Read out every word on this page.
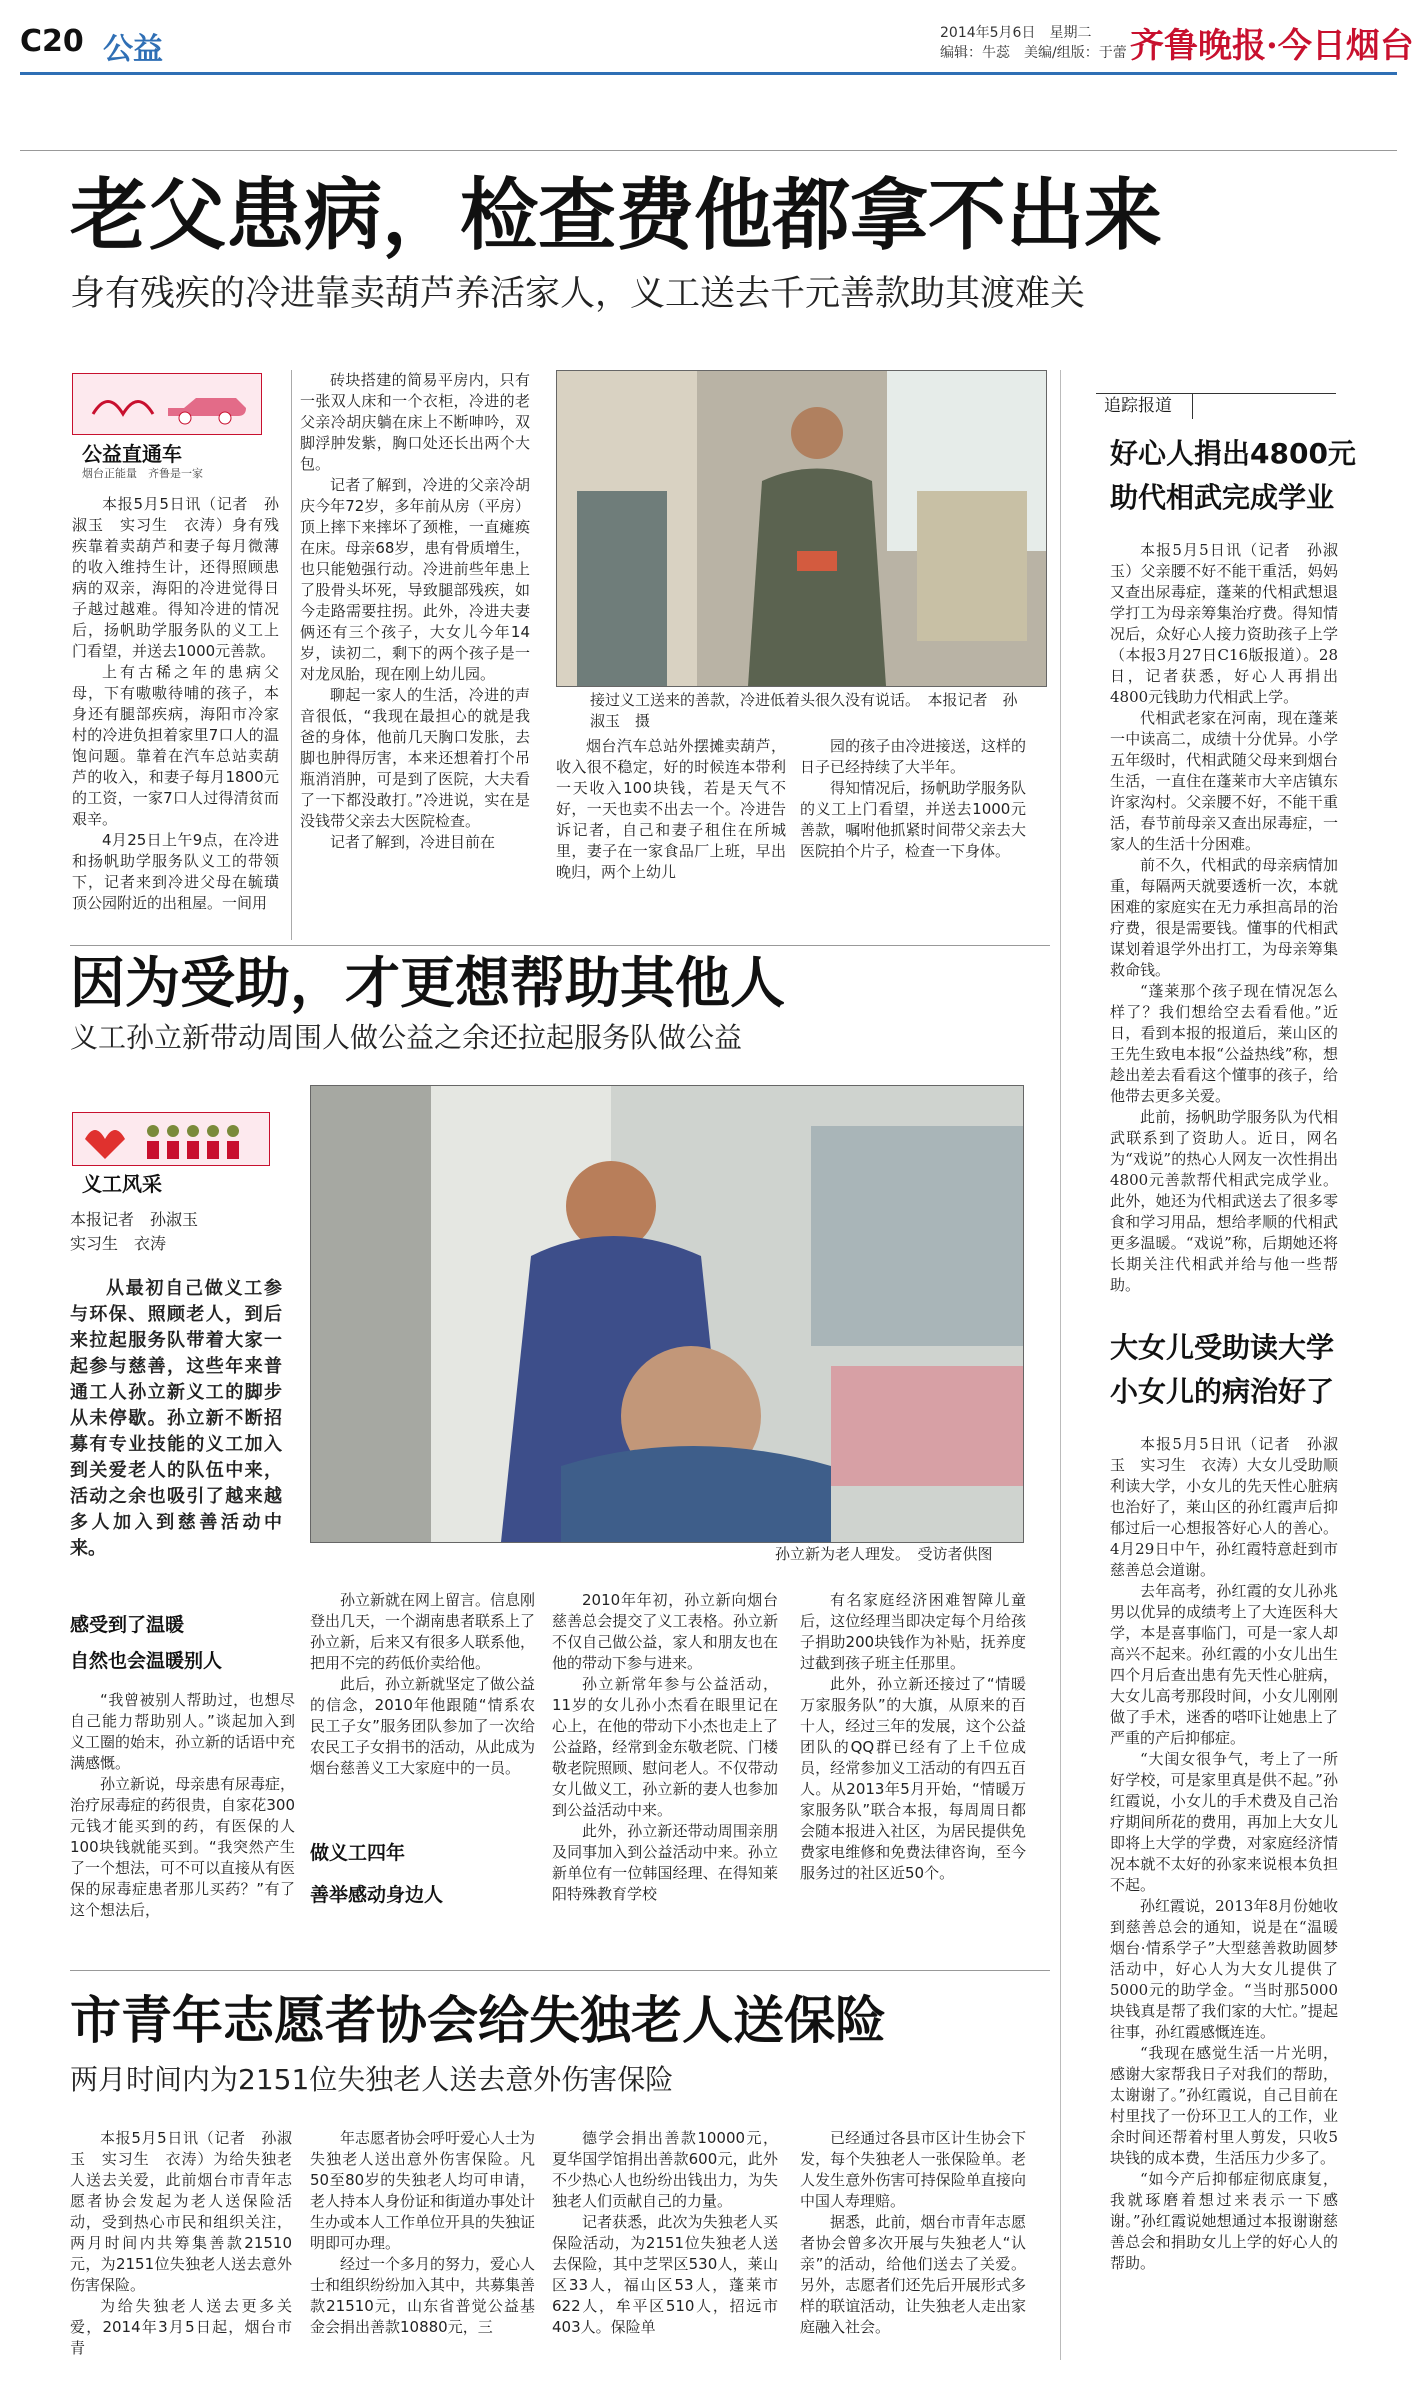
C20 公益	2014年5月6日　星期二
编辑：牛蕊　美编/组版：于蕾 齐鲁晚报·今日烟台
老父患病，检查费他都拿不出来
身有残疾的冷进靠卖葫芦养活家人，义工送去千元善款助其渡难关
公益直通车
烟台正能量　齐鲁是一家

本报5月5日讯（记者　孙淑玉　实习生　衣涛）身有残疾靠着卖葫芦和妻子每月微薄的收入维持生计，还得照顾患病的双亲，海阳的冷进觉得日子越过越难。得知冷进的情况后，扬帆助学服务队的义工上门看望，并送去1000元善款。

上有古稀之年的患病父母，下有嗷嗷待哺的孩子，本身还有腿部疾病，海阳市冷家村的冷进负担着家里7口人的温饱问题。靠着在汽车总站卖葫芦的收入，和妻子每月1800元的工资，一家7口人过得清贫而艰辛。

4月25日上午9点，在冷进和扬帆助学服务队义工的带领下，记者来到冷进父母在毓璜顶公园附近的出租屋。一间用

砖块搭建的简易平房内，只有一张双人床和一个衣柜，冷进的老父亲冷胡庆躺在床上不断呻吟，双脚浮肿发紫，胸口处还长出两个大包。

记者了解到，冷进的父亲冷胡庆今年72岁，多年前从房（平房）顶上摔下来摔坏了颈椎，一直瘫痪在床。母亲68岁，患有骨质增生，也只能勉强行动。冷进前些年患上了股骨头坏死，导致腿部残疾，如今走路需要拄拐。此外，冷进夫妻俩还有三个孩子，大女儿今年14岁，读初二，剩下的两个孩子是一对龙凤胎，现在刚上幼儿园。

聊起一家人的生活，冷进的声音很低，“我现在最担心的就是我爸的身体，他前几天胸口发胀，去脚也肿得厉害，本来还想着打个吊瓶消消肿，可是到了医院，大夫看了一下都没敢打。”冷进说，实在是没钱带父亲去大医院检查。

记者了解到，冷进目前在

接过义工送来的善款，冷进低着头很久没有说话。　本报记者　孙淑玉　摄

烟台汽车总站外摆摊卖葫芦，收入很不稳定，好的时候连本带利一天收入100块钱，若是天气不好，一天也卖不出去一个。冷进告诉记者，自己和妻子租住在所城里，妻子在一家食品厂上班，早出晚归，两个上幼儿

园的孩子由冷进接送，这样的日子已经持续了大半年。

得知情况后，扬帆助学服务队的义工上门看望，并送去1000元善款，嘱咐他抓紧时间带父亲去大医院拍个片子，检查一下身体。

追踪报道
好心人捐出4800元
助代相武完成学业

本报5月5日讯（记者　孙淑玉）父亲腰不好不能干重活，妈妈又查出尿毒症，蓬莱的代相武想退学打工为母亲筹集治疗费。得知情况后，众好心人接力资助孩子上学（本报3月27日C16版报道）。28日，记者获悉，好心人再捐出4800元钱助力代相武上学。

代相武老家在河南，现在蓬莱一中读高二，成绩十分优异。小学五年级时，代相武随父母来到烟台生活，一直住在蓬莱市大辛店镇东许家沟村。父亲腰不好，不能干重活，春节前母亲又查出尿毒症，一家人的生活十分困难。

前不久，代相武的母亲病情加重，每隔两天就要透析一次，本就困难的家庭实在无力承担高昂的治疗费，很是需要钱。懂事的代相武谋划着退学外出打工，为母亲筹集救命钱。

“蓬莱那个孩子现在情况怎么样了？我们想给空去看看他。”近日，看到本报的报道后，莱山区的王先生致电本报“公益热线”称，想趁出差去看看这个懂事的孩子，给他带去更多关爱。

此前，扬帆助学服务队为代相武联系到了资助人。近日，网名为“戏说”的热心人网友一次性捐出4800元善款帮代相武完成学业。此外，她还为代相武送去了很多零食和学习用品，想给孝顺的代相武更多温暖。“戏说”称，后期她还将长期关注代相武并给与他一些帮助。

大女儿受助读大学
小女儿的病治好了

本报5月5日讯（记者　孙淑玉　实习生　衣涛）大女儿受助顺利读大学，小女儿的先天性心脏病也治好了，莱山区的孙红霞声后抑郁过后一心想报答好心人的善心。4月29日中午，孙红霞特意赶到市慈善总会道谢。

去年高考，孙红霞的女儿孙兆男以优异的成绩考上了大连医科大学，本是喜事临门，可是一家人却高兴不起来。孙红霞的小女儿出生四个月后查出患有先天性心脏病，大女儿高考那段时间，小女儿刚刚做了手术，迷香的嗒吓让她患上了严重的产后抑郁症。

“大闺女很争气，考上了一所好学校，可是家里真是供不起。”孙红霞说，小女儿的手术费及自己治疗期间所花的费用，再加上大女儿即将上大学的学费，对家庭经济情况本就不太好的孙家来说根本负担不起。

孙红霞说，2013年8月份她收到慈善总会的通知，说是在“温暖烟台·情系学子”大型慈善救助圆梦活动中，好心人为大女儿提供了5000元的助学金。“当时那5000块钱真是帮了我们家的大忙。”提起往事，孙红霞感慨连连。

“我现在感觉生活一片光明，感谢大家帮我日子对我们的帮助，太谢谢了。”孙红霞说，自己目前在村里找了一份环卫工人的工作，业余时间还帮着村里人剪发，只收5块钱的成本费，生活压力少多了。

“如今产后抑郁症彻底康复，我就琢磨着想过来表示一下感谢。”孙红霞说她想通过本报谢谢慈善总会和捐助女儿上学的好心人的帮助。

因为受助，才更想帮助其他人
义工孙立新带动周围人做公益之余还拉起服务队做公益
义工风采
本报记者　孙淑玉
实习生　衣涛

从最初自己做义工参与环保、照顾老人，到后来拉起服务队带着大家一起参与慈善，这些年来普通工人孙立新义工的脚步从未停歇。孙立新不断招募有专业技能的义工加入到关爱老人的队伍中来，活动之余也吸引了越来越多人加入到慈善活动中来。	孙立新为老人理发。　受访者供图
感受到了温暖
自然也会温暖别人

“我曾被别人帮助过，也想尽自己能力帮助别人。”谈起加入到义工圈的始末，孙立新的话语中充满感慨。

孙立新说，母亲患有尿毒症，治疗尿毒症的药很贵，自家花300元钱才能买到的药，有医保的人100块钱就能买到。“我突然产生了一个想法，可不可以直接从有医保的尿毒症患者那儿买药？”有了这个想法后，

孙立新就在网上留言。信息刚登出几天，一个湖南患者联系上了孙立新，后来又有很多人联系他，把用不完的药低价卖给他。

此后，孙立新就坚定了做公益的信念，2010年他跟随“情系农民工子女”服务团队参加了一次给农民工子女捐书的活动，从此成为烟台慈善义工大家庭中的一员。

做义工四年
善举感动身边人

2010年年初，孙立新向烟台慈善总会提交了义工表格。孙立新不仅自己做公益，家人和朋友也在他的带动下参与进来。

孙立新常年参与公益活动，11岁的女儿孙小杰看在眼里记在心上，在他的带动下小杰也走上了公益路，经常到金东敬老院、门楼敬老院照顾、慰问老人。不仅带动女儿做义工，孙立新的妻人也参加到公益活动中来。

此外，孙立新还带动周围亲朋及同事加入到公益活动中来。孙立新单位有一位韩国经理、在得知莱阳特殊教育学校

有名家庭经济困难智障儿童后，这位经理当即决定每个月给孩子捐助200块钱作为补贴，抚养度过截到孩子班主任那里。

此外，孙立新还接过了“情暖万家服务队”的大旗，从原来的百十人，经过三年的发展，这个公益团队的QQ群已经有了上千位成员，经常参加义工活动的有四五百人。从2013年5月开始，“情暖万家服务队”联合本报，每周周日都会随本报进入社区，为居民提供免费家电维修和免费法律咨询，至今服务过的社区近50个。

市青年志愿者协会给失独老人送保险
两月时间内为2151位失独老人送去意外伤害保险

本报5月5日讯（记者　孙淑玉　实习生　衣涛）为给失独老人送去关爱，此前烟台市青年志愿者协会发起为老人送保险活动，受到热心市民和组织关注，两月时间内共筹集善款21510元，为2151位失独老人送去意外伤害保险。

为给失独老人送去更多关爱，2014年3月5日起，烟台市青

年志愿者协会呼吁爱心人士为失独老人送出意外伤害保险。凡50至80岁的失独老人均可申请，老人持本人身份证和街道办事处计生办或本人工作单位开具的失独证明即可办理。

经过一个多月的努力，爱心人士和组织纷纷加入其中，共募集善款21510元，山东省普觉公益基金会捐出善款10880元，三

德学会捐出善款10000元，夏华国学馆捐出善款600元，此外不少热心人也纷纷出钱出力，为失独老人们贡献自己的力量。

记者获悉，此次为失独老人买保险活动，为2151位失独老人送去保险，其中芝罘区530人，莱山区33人，福山区53人，蓬莱市622人，牟平区510人，招远市403人。保险单

已经通过各县市区计生协会下发，每个失独老人一张保险单。老人发生意外伤害可持保险单直接向中国人寿理赔。

据悉，此前，烟台市青年志愿者协会曾多次开展与失独老人“认亲”的活动，给他们送去了关爱。另外，志愿者们还先后开展形式多样的联谊活动，让失独老人走出家庭融入社会。
